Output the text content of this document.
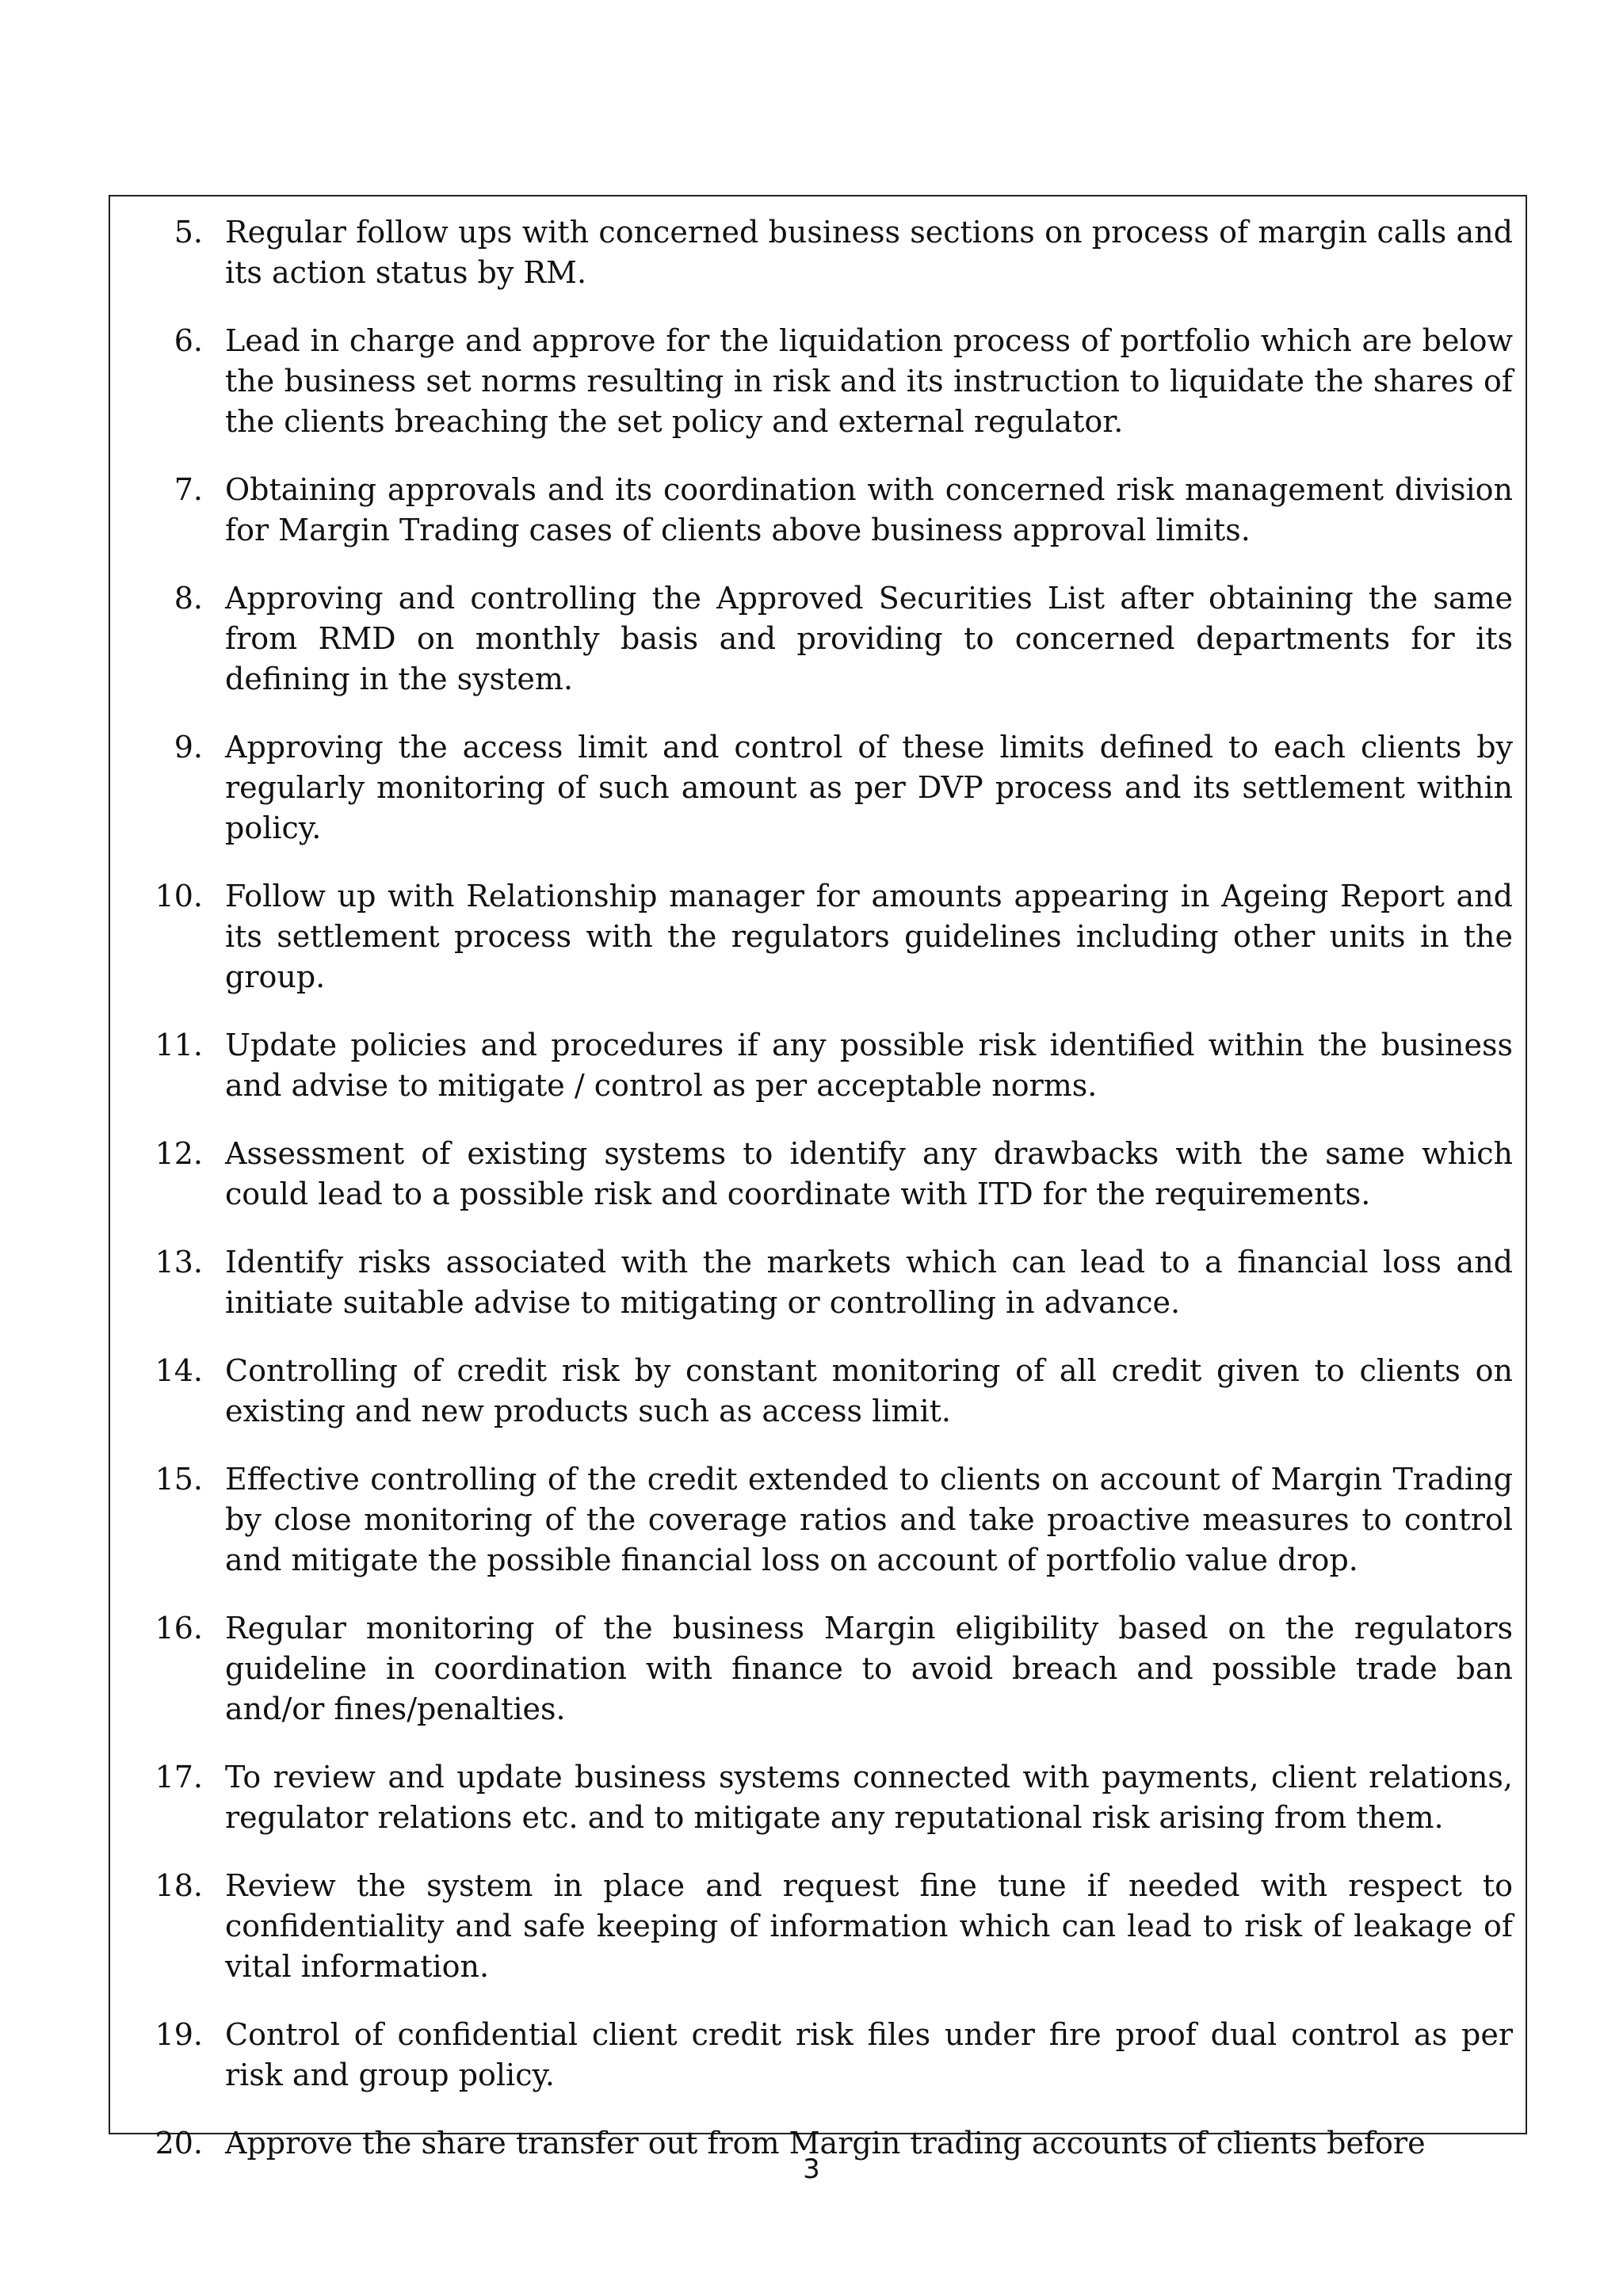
5. Regular follow ups with concerned business sections on process of margin calls and its action status by RM.
6. Lead in charge and approve for the liquidation process of portfolio which are below the business set norms resulting in risk and its instruction to liquidate the shares of the clients breaching the set policy and external regulator.
7. Obtaining approvals and its coordination with concerned risk management division for Margin Trading cases of clients above business approval limits.
8. Approving and controlling the Approved Securities List after obtaining the same from RMD on monthly basis and providing to concerned departments for its defining in the system.
9. Approving the access limit and control of these limits defined to each clients by regularly monitoring of such amount as per DVP process and its settlement within policy.
10. Follow up with Relationship manager for amounts appearing in Ageing Report and its settlement process with the regulators guidelines including other units in the group.
11. Update policies and procedures if any possible risk identified within the business and advise to mitigate / control as per acceptable norms.
12. Assessment of existing systems to identify any drawbacks with the same which could lead to a possible risk and coordinate with ITD for the requirements.
13. Identify risks associated with the markets which can lead to a financial loss and initiate suitable advise to mitigating or controlling in advance.
14. Controlling of credit risk by constant monitoring of all credit given to clients on existing and new products such as access limit.
15. Effective controlling of the credit extended to clients on account of Margin Trading by close monitoring of the coverage ratios and take proactive measures to control and mitigate the possible financial loss on account of portfolio value drop.
16. Regular monitoring of the business Margin eligibility based on the regulators guideline in coordination with finance to avoid breach and possible trade ban and/or fines/penalties.
17. To review and update business systems connected with payments, client relations, regulator relations etc. and to mitigate any reputational risk arising from them.
18. Review the system in place and request fine tune if needed with respect to confidentiality and safe keeping of information which can lead to risk of leakage of vital information.
19. Control of confidential client credit risk files under fire proof dual control as per risk and group policy.
20. Approve the share transfer out from Margin trading accounts of clients before
3
